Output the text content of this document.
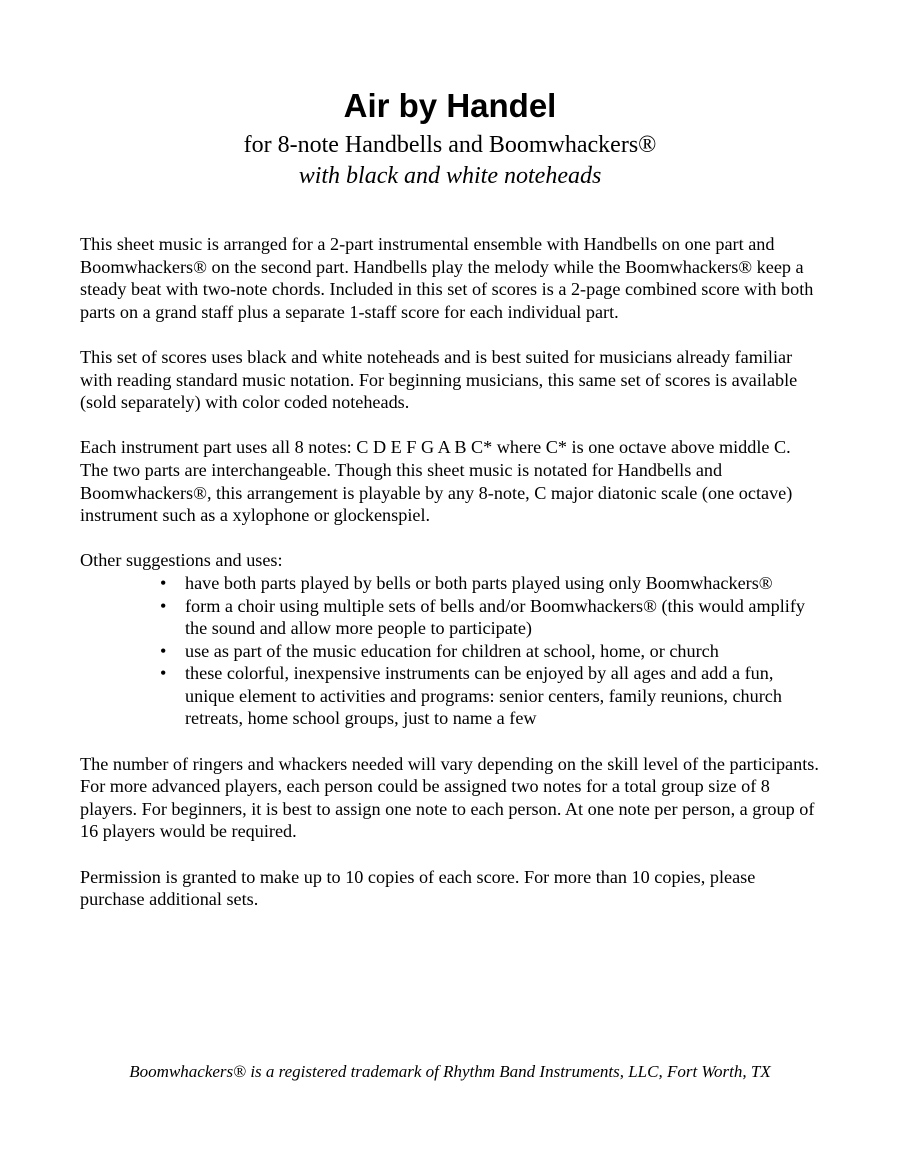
Air by Handel
for 8-note Handbells and Boomwhackers®
with black and white noteheads

This sheet music is arranged for a 2-part instrumental ensemble with Handbells on one part and Boomwhackers® on the second part. Handbells play the melody while the Boomwhackers® keep a steady beat with two-note chords. Included in this set of scores is a 2-page combined score with both parts on a grand staff plus a separate 1-staff score for each individual part.

This set of scores uses black and white noteheads and is best suited for musicians already familiar with reading standard music notation. For beginning musicians, this same set of scores is available (sold separately) with color coded noteheads.

Each instrument part uses all 8 notes: C D E F G A B C* where C* is one octave above middle C. The two parts are interchangeable. Though this sheet music is notated for Handbells and Boomwhackers®, this arrangement is playable by any 8-note, C major diatonic scale (one octave) instrument such as a xylophone or glockenspiel.

Other suggestions and uses:
• have both parts played by bells or both parts played using only Boomwhackers®
• form a choir using multiple sets of bells and/or Boomwhackers® (this would amplify the sound and allow more people to participate)
• use as part of the music education for children at school, home, or church
• these colorful, inexpensive instruments can be enjoyed by all ages and add a fun, unique element to activities and programs: senior centers, family reunions, church retreats, home school groups, just to name a few

The number of ringers and whackers needed will vary depending on the skill level of the participants. For more advanced players, each person could be assigned two notes for a total group size of 8 players. For beginners, it is best to assign one note to each person. At one note per person, a group of 16 players would be required.

Permission is granted to make up to 10 copies of each score. For more than 10 copies, please purchase additional sets.

Boomwhackers® is a registered trademark of Rhythm Band Instruments, LLC, Fort Worth, TX
